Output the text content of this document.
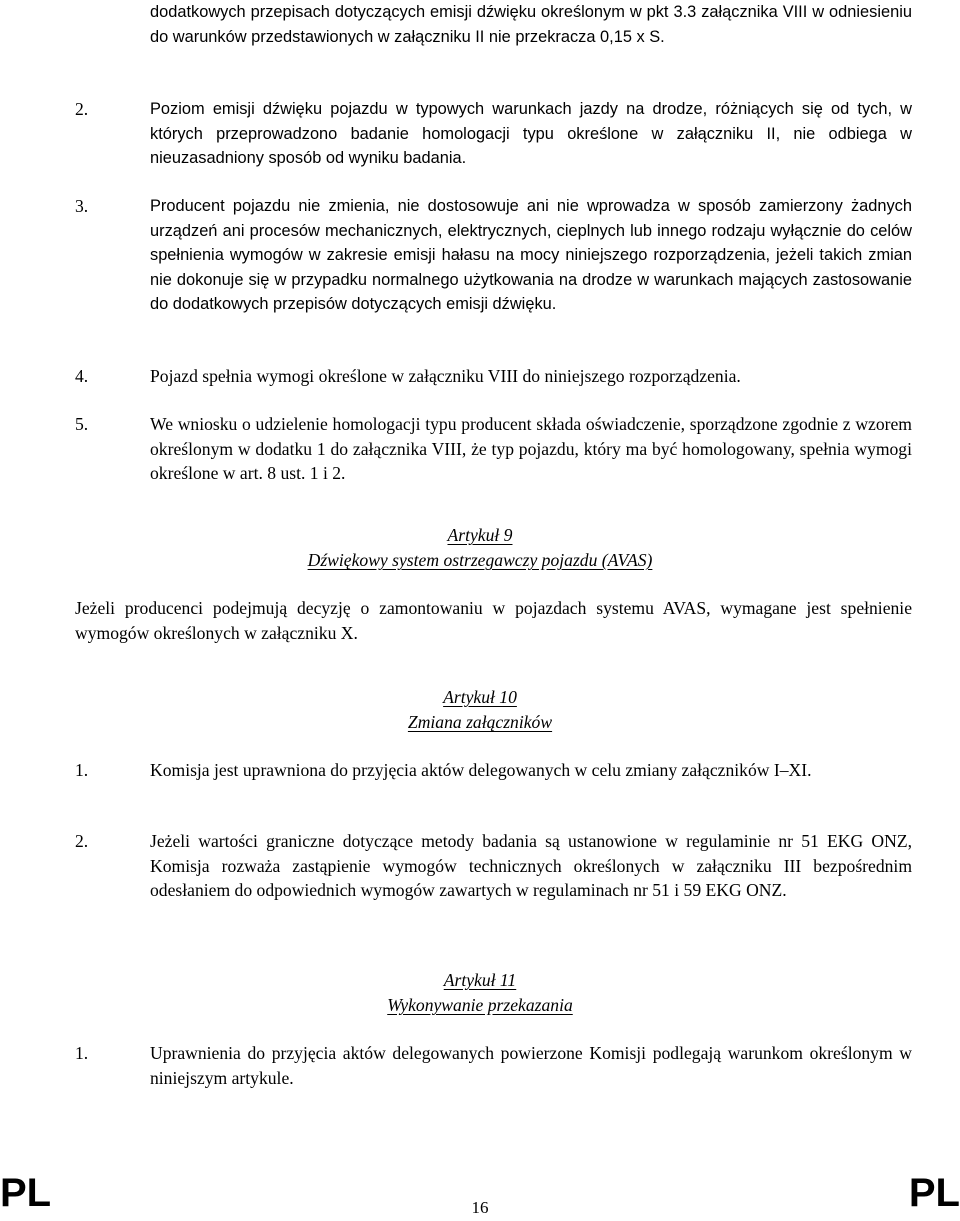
dodatkowych przepisach dotyczących emisji dźwięku określonym w pkt 3.3 załącznika VIII w odniesieniu do warunków przedstawionych w załączniku II nie przekracza 0,15 x S.
2.	Poziom emisji dźwięku pojazdu w typowych warunkach jazdy na drodze, różniących się od tych, w których przeprowadzono badanie homologacji typu określone w załączniku II, nie odbiega w nieuzasadniony sposób od wyniku badania.
3.	Producent pojazdu nie zmienia, nie dostosowuje ani nie wprowadza w sposób zamierzony żadnych urządzeń ani procesów mechanicznych, elektrycznych, cieplnych lub innego rodzaju wyłącznie do celów spełnienia wymogów w zakresie emisji hałasu na mocy niniejszego rozporządzenia, jeżeli takich zmian nie dokonuje się w przypadku normalnego użytkowania na drodze w warunkach mających zastosowanie do dodatkowych przepisów dotyczących emisji dźwięku.
4.	Pojazd spełnia wymogi określone w załączniku VIII do niniejszego rozporządzenia.
5.	We wniosku o udzielenie homologacji typu producent składa oświadczenie, sporządzone zgodnie z wzorem określonym w dodatku 1 do załącznika VIII, że typ pojazdu, który ma być homologowany, spełnia wymogi określone w art. 8 ust. 1 i 2.
Artykuł 9
Dźwiękowy system ostrzegawczy pojazdu (AVAS)
Jeżeli producenci podejmują decyzję o zamontowaniu w pojazdach systemu AVAS, wymagane jest spełnienie wymogów określonych w załączniku X.
Artykuł 10
Zmiana załączników
1.	Komisja jest uprawniona do przyjęcia aktów delegowanych w celu zmiany załączników I–XI.
2.	Jeżeli wartości graniczne dotyczące metody badania są ustanowione w regulaminie nr 51 EKG ONZ, Komisja rozważa zastąpienie wymogów technicznych określonych w załączniku III bezpośrednim odesłaniem do odpowiednich wymogów zawartych w regulaminach nr 51 i 59 EKG ONZ.
Artykuł 11
Wykonywanie przekazania
1.	Uprawnienia do przyjęcia aktów delegowanych powierzone Komisji podlegają warunkom określonym w niniejszym artykule.
PL	16	PL
